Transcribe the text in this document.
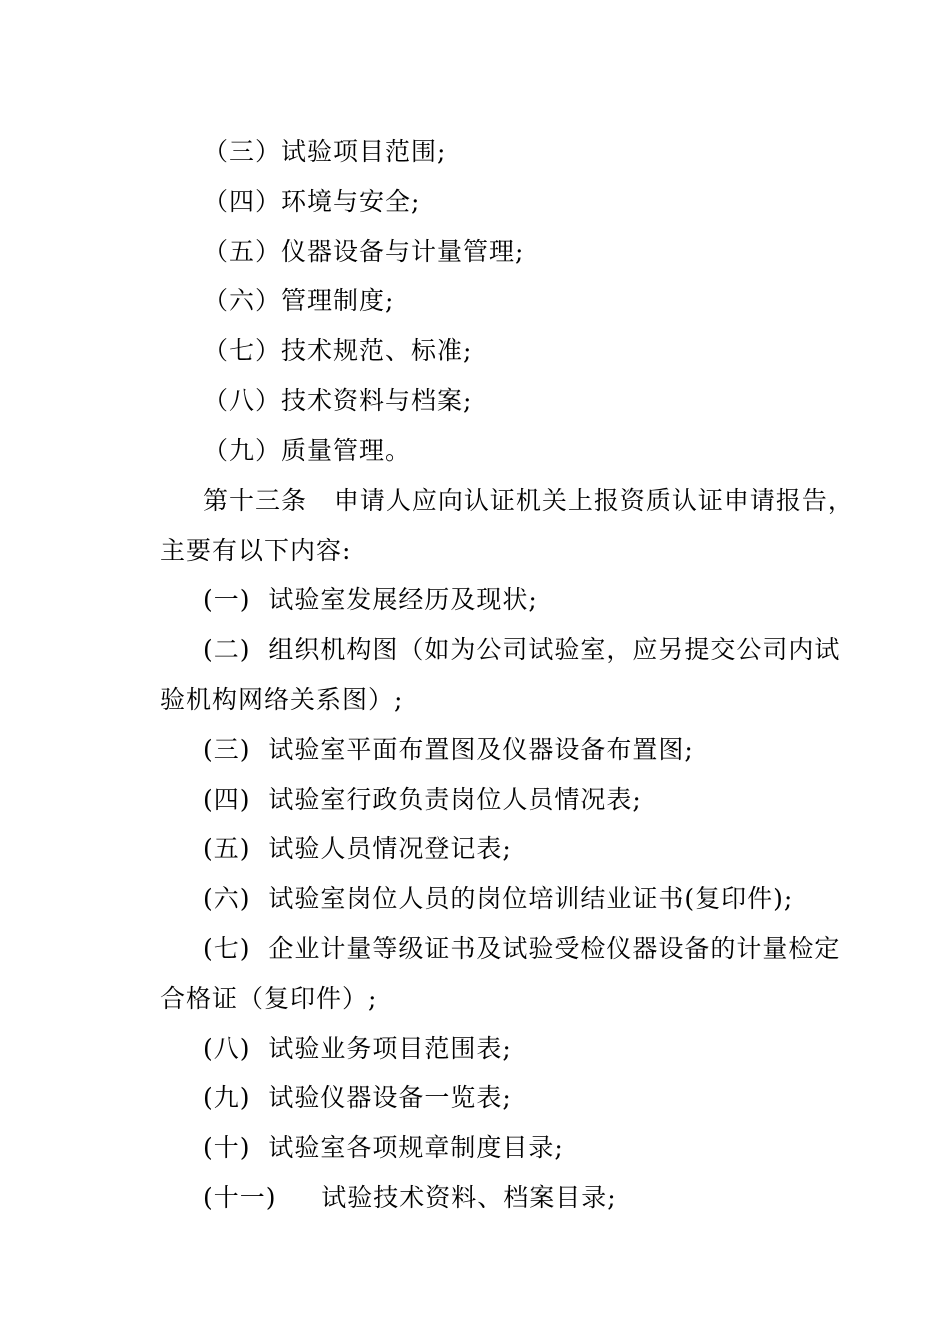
（三）试验项目范围;
（四）环境与安全;
（五）仪器设备与计量管理;
（六）管理制度;
（七）技术规范、标准;
（八）技术资料与档案;
（九）质量管理。
第十三条   申请人应向认证机关上报资质认证申请报告，
主要有以下内容:
(一)  试验室发展经历及现状;
(二)  组织机构图（如为公司试验室，应另提交公司内试
验机构网络关系图）;
(三)  试验室平面布置图及仪器设备布置图;
(四)  试验室行政负责岗位人员情况表;
(五)  试验人员情况登记表;
(六)  试验室岗位人员的岗位培训结业证书(复印件);
(七)  企业计量等级证书及试验受检仪器设备的计量检定
合格证（复印件）;
(八)  试验业务项目范围表;
(九)  试验仪器设备一览表;
(十)  试验室各项规章制度目录;
(十一)     试验技术资料、档案目录;
